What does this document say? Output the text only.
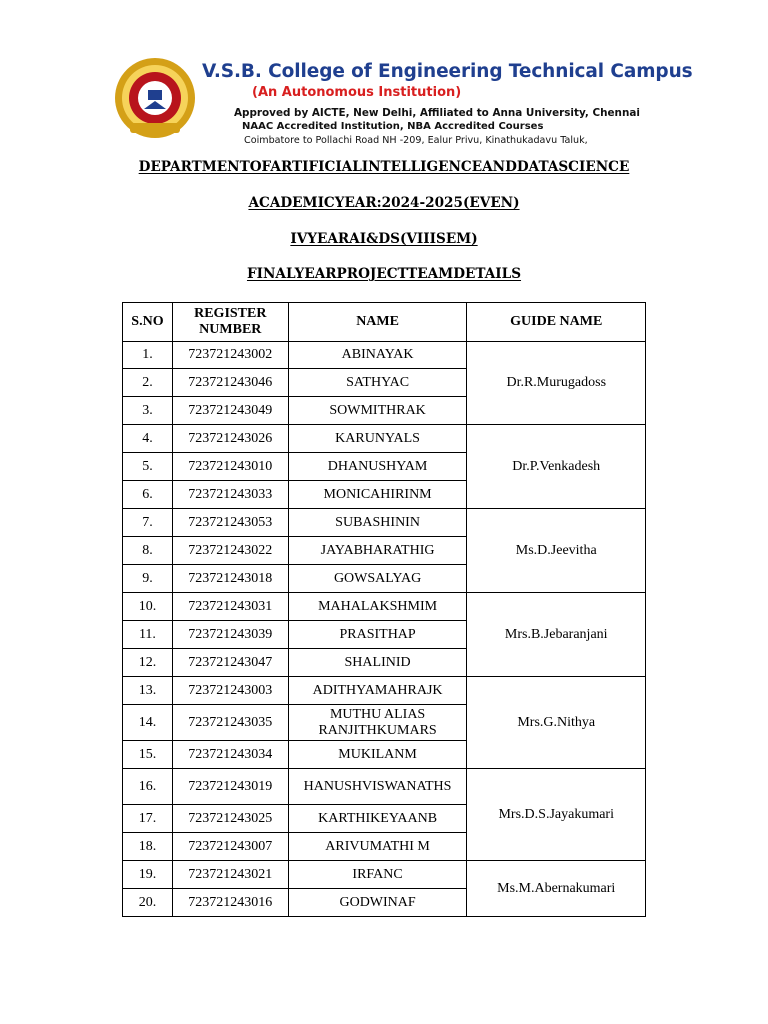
V.S.B. College of Engineering Technical Campus
(An Autonomous Institution)
Approved by AICTE, New Delhi, Affiliated to Anna University, Chennai
NAAC Accredited Institution, NBA Accredited Courses
Coimbatore to Pollachi Road NH -209, Ealur Privu, Kinathukadavu Taluk,
DEPARTMENTOFARTIFICIALINTELLIGENCEANDDATASCIENCE
ACADEMICYEAR:2024-2025(EVEN)
IVYEARAI&DS(VIIISEM)
FINALYEARPROJECTTEAMDETAILS
S.NO	REGISTER NUMBER	NAME	GUIDE NAME
1.	723721243002	ABINAYAK	Dr.R.Murugadoss
2.	723721243046	SATHYAC	
3.	723721243049	SOWMITHRAK	
4.	723721243026	KARUNYALS	Dr.P.Venkadesh
5.	723721243010	DHANUSHYAM	
6.	723721243033	MONICAHIRINM	
7.	723721243053	SUBASHININ	Ms.D.Jeevitha
8.	723721243022	JAYABHARATHIG	
9.	723721243018	GOWSALYAG	
10.	723721243031	MAHALAKSHMIM	Mrs.B.Jebaranjani
11.	723721243039	PRASITHAP	
12.	723721243047	SHALINID	
13.	723721243003	ADITHYAMAHRAJK	Mrs.G.Nithya
14.	723721243035	MUTHU ALIAS RANJITHKUMARS	
15.	723721243034	MUKILANM	
16.	723721243019	HANUSHVISWANATHS	Mrs.D.S.Jayakumari
17.	723721243025	KARTHIKEYAANB	
18.	723721243007	ARIVUMATHI M	
19.	723721243021	IRFANC	Ms.M.Abernakumari
20.	723721243016	GODWINAF	
